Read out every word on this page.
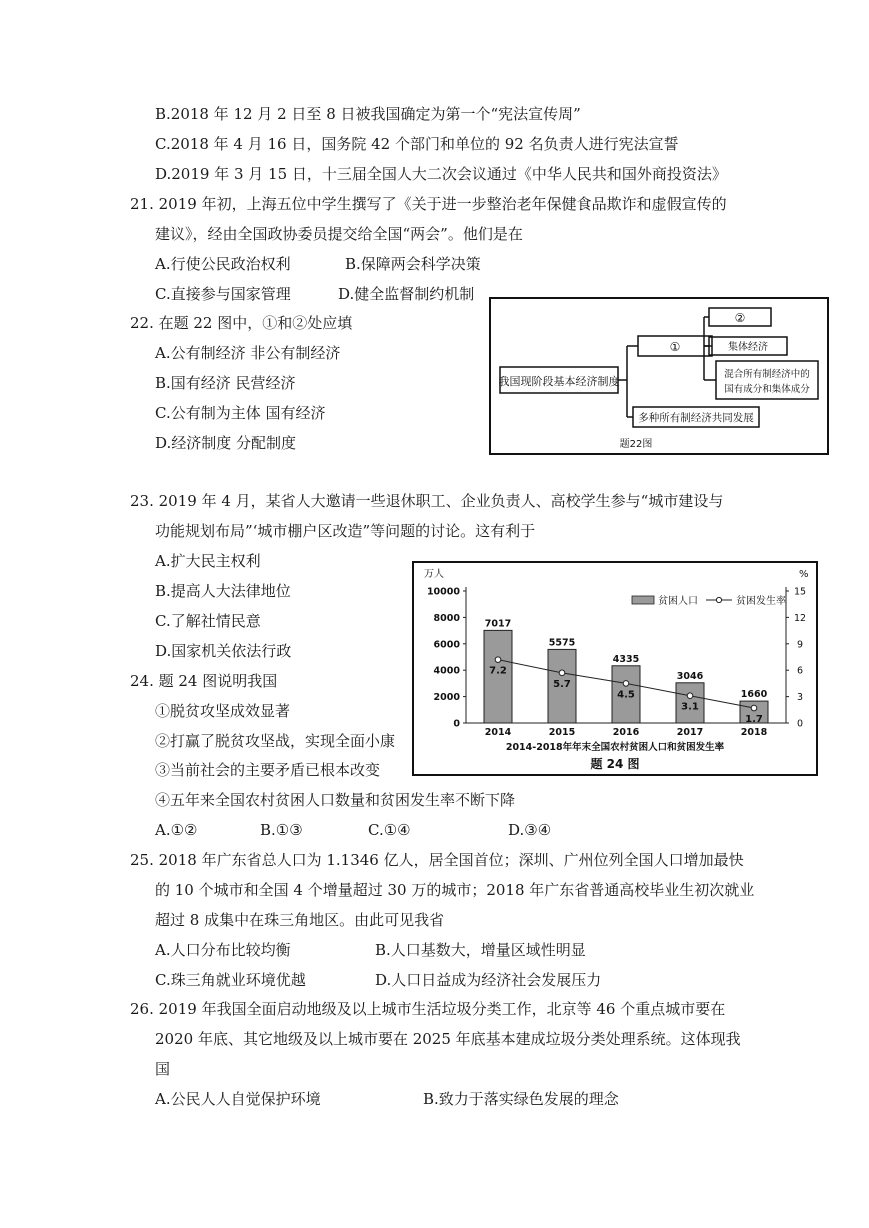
B.2018 年 12 月 2 日至 8 日被我国确定为第一个“宪法宣传周”
C.2018 年 4 月 16 日，国务院 42 个部门和单位的 92 名负责人进行宪法宣誓
D.2019 年 3 月 15 日，十三届全国人大二次会议通过《中华人民共和国外商投资法》
21. 2019 年初，上海五位中学生撰写了《关于进一步整治老年保健食品欺诈和虚假宣传的
建议》，经由全国政协委员提交给全国“两会”。他们是在
A.行使公民政治权利	B.保障两会科学决策
C.直接参与国家管理	D.健全监督制约机制
22. 在题 22 图中，①和②处应填
A.公有制经济 非公有制经济
B.国有经济 民营经济
C.公有制为主体 国有经济
D.经济制度 分配制度
我国现阶段基本经济制度
①
②
集体经济
混合所有制经济中的
国有成分和集体成分
多种所有制经济共同发展
题22图
23. 2019 年 4 月，某省人大邀请一些退休职工、企业负责人、高校学生参与“城市建设与
功能规划布局”‘城市棚户区改造”等问题的讨论。这有利于
A.扩大民主权利
B.提高人大法律地位
C.了解社情民意
D.国家机关依法行政
24. 题 24 图说明我国
①脱贫攻坚成效显著
②打赢了脱贫攻坚战，实现全面小康
③当前社会的主要矛盾已根本改变
④五年来全国农村贫困人口数量和贫困发生率不断下降
A.①②	B.①③	C.①④	D.③④
万人	%
0
2000
4000
6000
8000
10000
0
3
6
9
12
15
7017
2014
5575
2015
4335
2016
3046
2017
1660
2018
7.2
5.7
4.5
3.1
1.7
贫困人口	贫困发生率
2014-2018年年末全国农村贫困人口和贫困发生率
题 24 图
25. 2018 年广东省总人口为 1.1346 亿人，居全国首位；深圳、广州位列全国人口增加最快
的 10 个城市和全国 4 个增量超过 30 万的城市；2018 年广东省普通高校毕业生初次就业
超过 8 成集中在珠三角地区。由此可见我省
A.人口分布比较均衡	B.人口基数大，增量区域性明显
C.珠三角就业环境优越	D.人口日益成为经济社会发展压力
26. 2019 年我国全面启动地级及以上城市生活垃圾分类工作，北京等 46 个重点城市要在
2020 年底、其它地级及以上城市要在 2025 年底基本建成垃圾分类处理系统。这体现我
国
A.公民人人自觉保护环境	B.致力于落实绿色发展的理念
